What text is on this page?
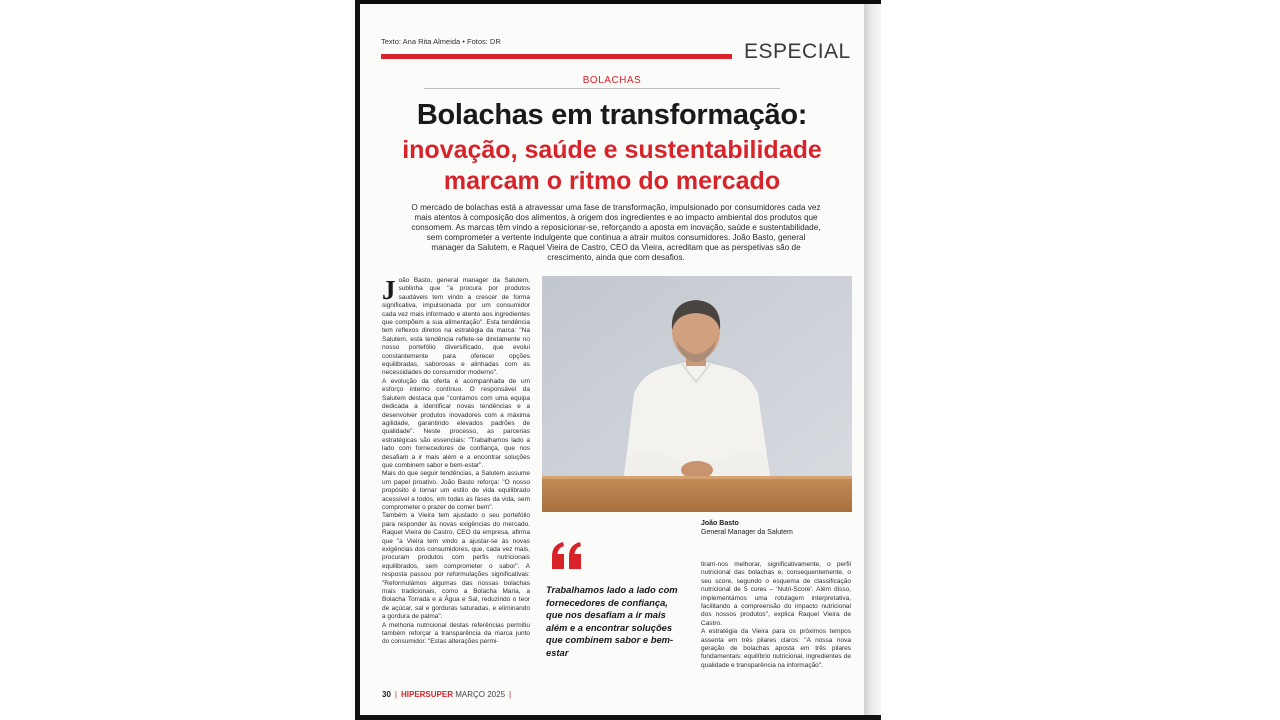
Texto: Ana Rita Almeida • Fotos: DR	ESPECIAL
BOLACHAS
Bolachas em transformação:
inovação, saúde e sustentabilidade
marcam o ritmo do mercado
O mercado de bolachas está a atravessar uma fase de transformação, impulsionado por consumidores cada vez mais atentos à composição dos alimentos, à origem dos ingredientes e ao impacto ambiental dos produtos que consomem. As marcas têm vindo a reposicionar-se, reforçando a aposta em inovação, saúde e sustentabilidade, sem comprometer a vertente indulgente que continua a atrair muitos consumidores. João Basto, general manager da Salutem, e Raquel Vieira de Castro, CEO da Vieira, acreditam que as perspetivas são de crescimento, ainda que com desafios.
J oão Basto, general manager da Salutem, sublinha que "a procura por produtos saudáveis tem vindo a crescer de forma significativa, impulsionada por um consumidor cada vez mais informado e atento aos ingredientes que compõem a sua alimentação". Esta tendência tem reflexos diretos na estratégia da marca: "Na Salutem, esta tendência reflete-se diretamente no nosso portefólio diversificado, que evolui constantemente para oferecer opções equilibradas, saborosas e alinhadas com as necessidades do consumidor moderno".

A evolução da oferta é acompanhada de um esforço interno contínuo. O responsável da Salutem destaca que "contamos com uma equipa dedicada a identificar novas tendências e a desenvolver produtos inovadores com a máxima agilidade, garantindo elevados padrões de qualidade". Neste processo, as parcerias estratégicas são essenciais: "Trabalhamos lado a lado com fornecedores de confiança, que nos desafiam a ir mais além e a encontrar soluções que combinem sabor e bem-estar".

Mais do que seguir tendências, a Salutem assume um papel proativo. João Basto reforça: "O nosso propósito é tornar um estilo de vida equilibrado acessível a todos, em todas as fases da vida, sem comprometer o prazer de comer bem".

Também a Vieira tem ajustado o seu portefólio para responder às novas exigências do mercado. Raquel Vieira de Castro, CEO da empresa, afirma que "a Vieira tem vindo a ajustar-se às novas exigências dos consumidores, que, cada vez mais, procuram produtos com perfis nutricionais equilibrados, sem comprometer o sabor". A resposta passou por reformulações significativas: "Reformulámos algumas das nossas bolachas mais tradicionais, como a Bolacha Maria, a Bolacha Torrada e a Água e Sal, reduzindo o teor de açúcar, sal e gorduras saturadas, e eliminando a gordura de palma".

A melhoria nutricional destas referências permitiu também reforçar a transparência da marca junto do consumidor. "Estas alterações permi-

João Basto
General Manager da Salutem
Trabalhamos lado a lado com fornecedores de confiança, que nos desafiam a ir mais além e a encontrar soluções que combinem sabor e bem-estar

tiram-nos melhorar, significativamente, o perfil nutricional das bolachas e, consequentemente, o seu score, segundo o esquema de classificação nutricional de 5 cores – 'Nutri-Score'. Além disso, implementámos uma rotulagem interpretativa, facilitando a compreensão do impacto nutricional dos nossos produtos", explica Raquel Vieira de Castro.

A estratégia da Vieira para os próximos tempos assenta em três pilares claros: "A nossa nova geração de bolachas aposta em três pilares fundamentais: equilíbrio nutricional, ingredientes de qualidade e transparência na informação".

30 | HIPERSUPER MARÇO 2025 |
